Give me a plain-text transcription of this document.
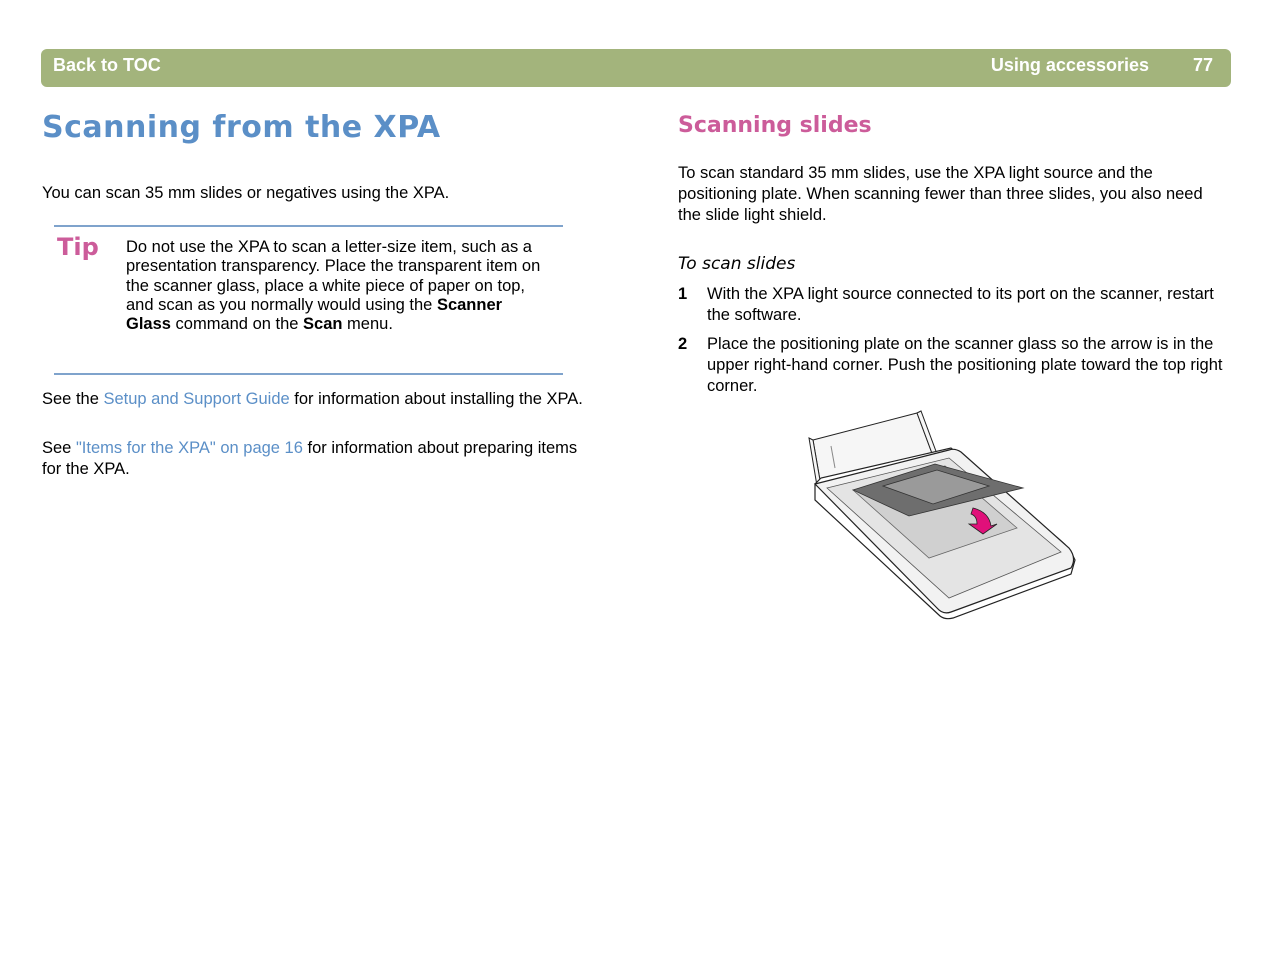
Back to TOC	Using accessories 77
Scanning from the XPA

You can scan 35 mm slides or negatives using the XPA.

Tip Do not use the XPA to scan a letter-size item, such as a presentation transparency. Place the transparent item on the scanner glass, place a white piece of paper on top, and scan as you normally would using the Scanner Glass command on the Scan menu.

See the Setup and Support Guide for information about installing the XPA.

See "Items for the XPA" on page 16 for information about preparing items for the XPA.

Scanning slides

To scan standard 35 mm slides, use the XPA light source and the positioning plate. When scanning fewer than three slides, you also need the slide light shield.

To scan slides

1 With the XPA light source connected to its port on the scanner, restart the software.
2 Place the positioning plate on the scanner glass so the arrow is in the upper right-hand corner. Push the positioning plate toward the top right corner.
